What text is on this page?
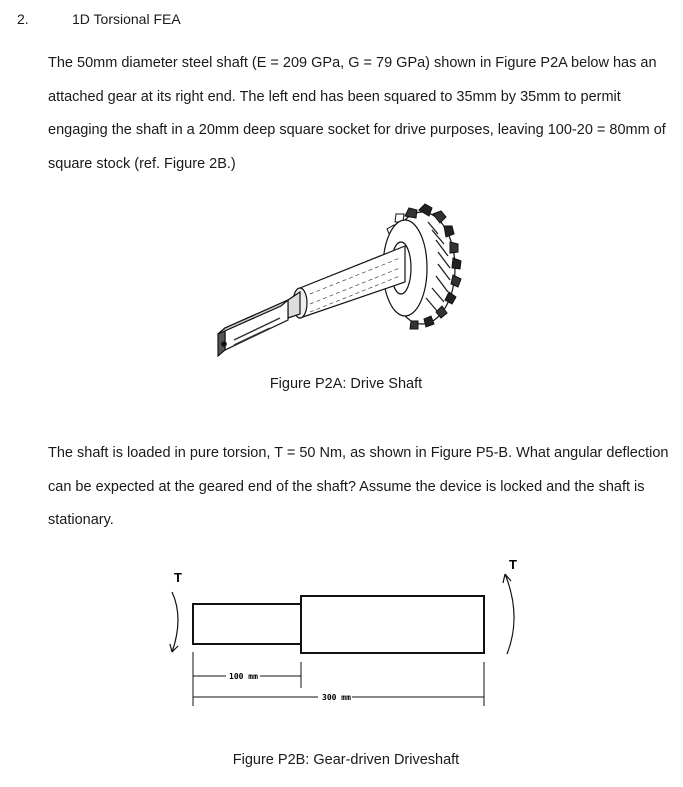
2.	1D Torsional FEA

The 50mm diameter steel shaft (E = 209 GPa, G = 79 GPa) shown in Figure P2A below has an attached gear at its right end. The left end has been squared to 35mm by 35mm to permit engaging the shaft in a 20mm deep square socket for drive purposes, leaving 100-20 = 80mm of square stock (ref. Figure 2B.)

Figure P2A: Drive Shaft

The shaft is loaded in pure torsion, T = 50 Nm, as shown in Figure P5-B. What angular deflection can be expected at the geared end of the shaft? Assume the device is locked and the shaft is stationary.

T
T
100 mm
300 mm
Figure P2B: Gear-driven Driveshaft
